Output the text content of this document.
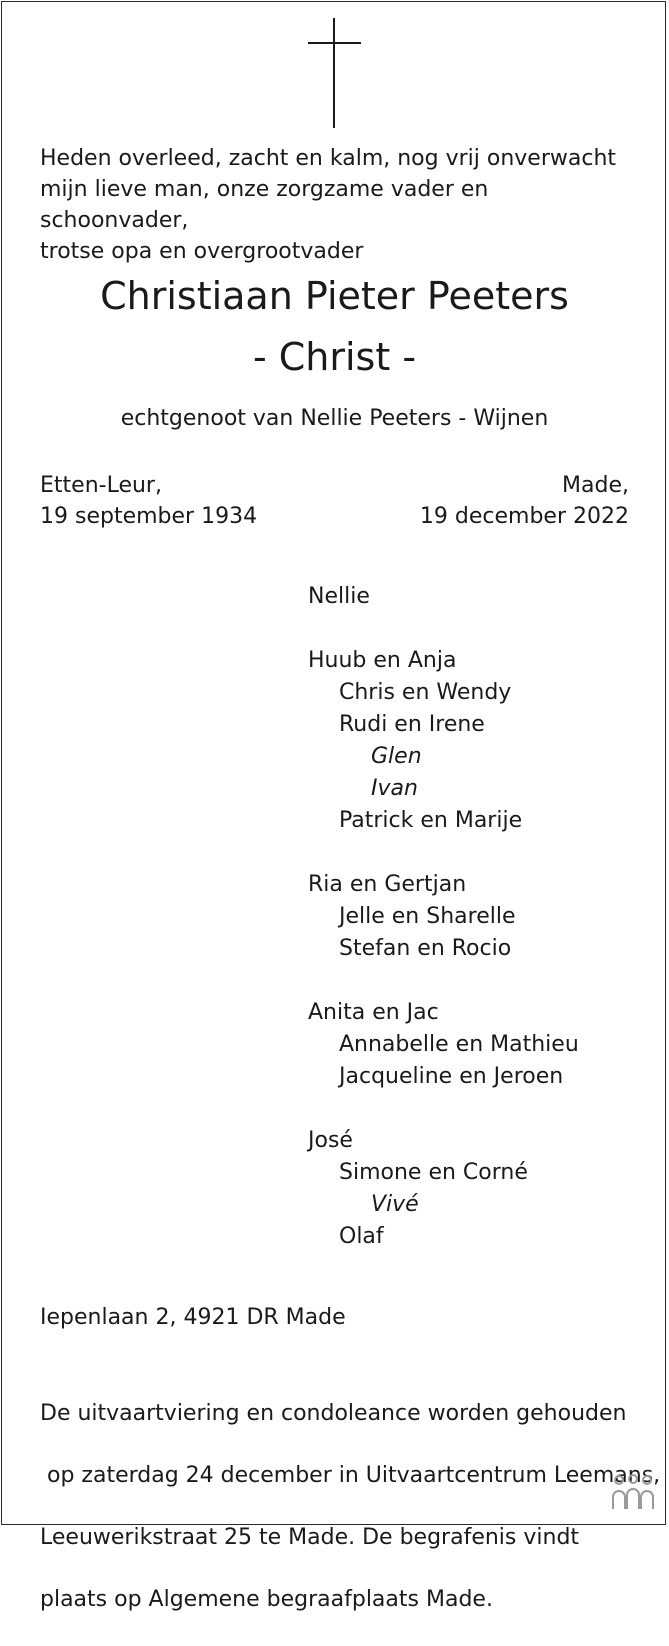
Heden overleed, zacht en kalm, nog vrij onverwacht
mijn lieve man, onze zorgzame vader en schoonvader,
trotse opa en overgrootvader
Christiaan Pieter Peeters
- Christ -
echtgenoot van Nellie Peeters - Wijnen
Etten-Leur,
19 september 1934
Made,
19 december 2022
Nellie
Huub en Anja
Chris en Wendy
Rudi en Irene
Glen
Ivan
Patrick en Marije
Ria en Gertjan
Jelle en Sharelle
Stefan en Rocio
Anita en Jac
Annabelle en Mathieu
Jacqueline en Jeroen
José
Simone en Corné
Vivé
Olaf
Iepenlaan 2, 4921 DR Made

De uitvaartviering en condoleance worden gehouden

op zaterdag 24 december in Uitvaartcentrum Leemans,

Leeuwerikstraat 25 te Made. De begrafenis vindt

plaats op Algemene begraafplaats Made.
